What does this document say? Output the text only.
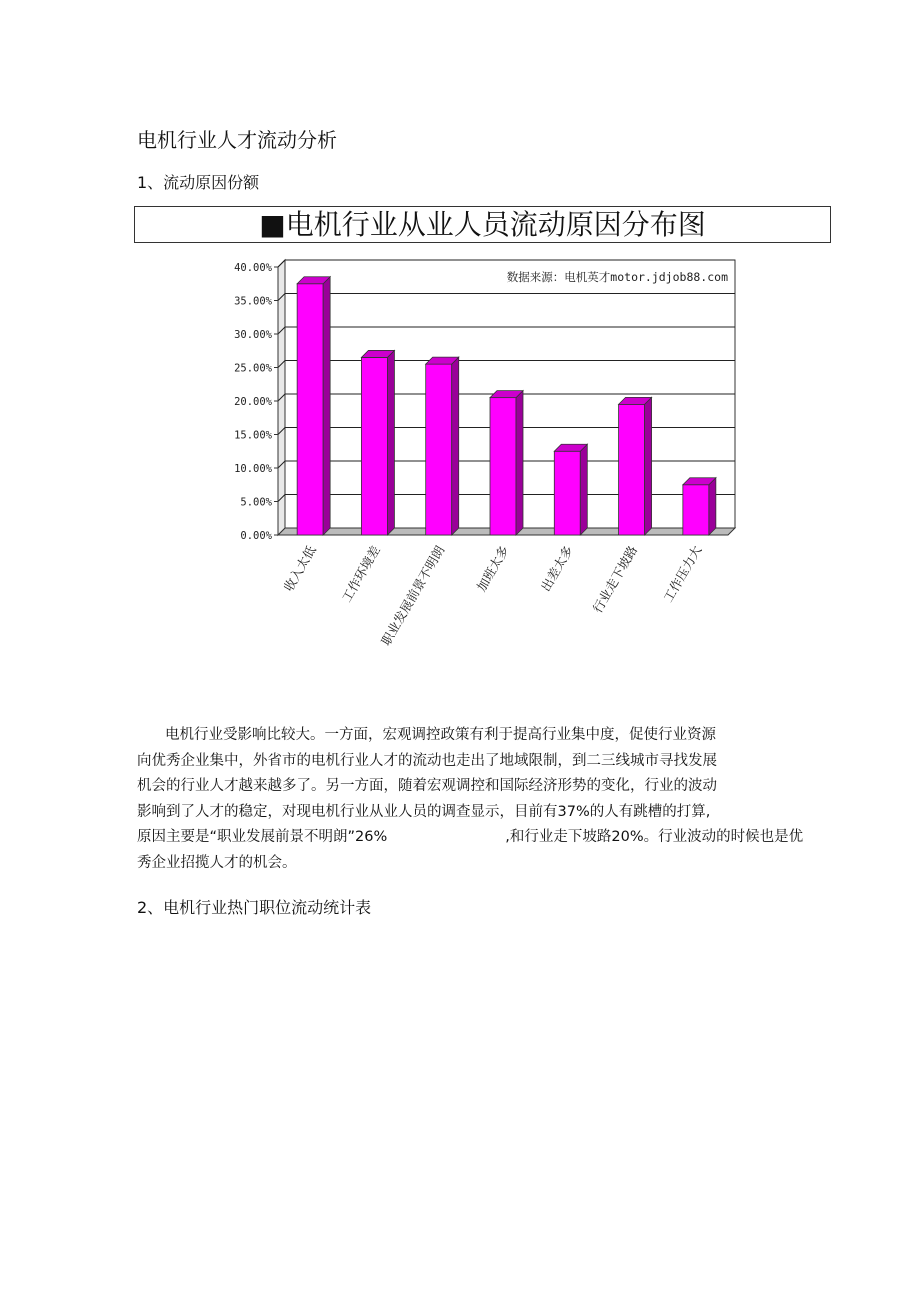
电机行业人才流动分析
1、流动原因份额
■电机行业从业人员流动原因分布图
0.00%
5.00%
10.00%
15.00%
20.00%
25.00%
30.00%
35.00%
40.00%
数据来源：电机英才motor.jdjob88.com
收入太低 工作环境差
职业发展前景不明朗 加班太多 出差太多 行业走下坡路 工作压力大
电机行业受影响比较大。一方面，宏观调控政策有利于提高行业集中度，促使行业资源
向优秀企业集中，外省市的电机行业人才的流动也走出了地域限制，到二三线城市寻找发展
机会的行业人才越来越多了。另一方面，随着宏观调控和国际经济形势的变化，行业的波动
影响到了人才的稳定，对现电机行业从业人员的调查显示，目前有37%的人有跳槽的打算,
原因主要是“职业发展前景不明朗”26%	,和行业走下坡路20%。行业波动的时候也是优
秀企业招揽人才的机会。
2、电机行业热门职位流动统计表
